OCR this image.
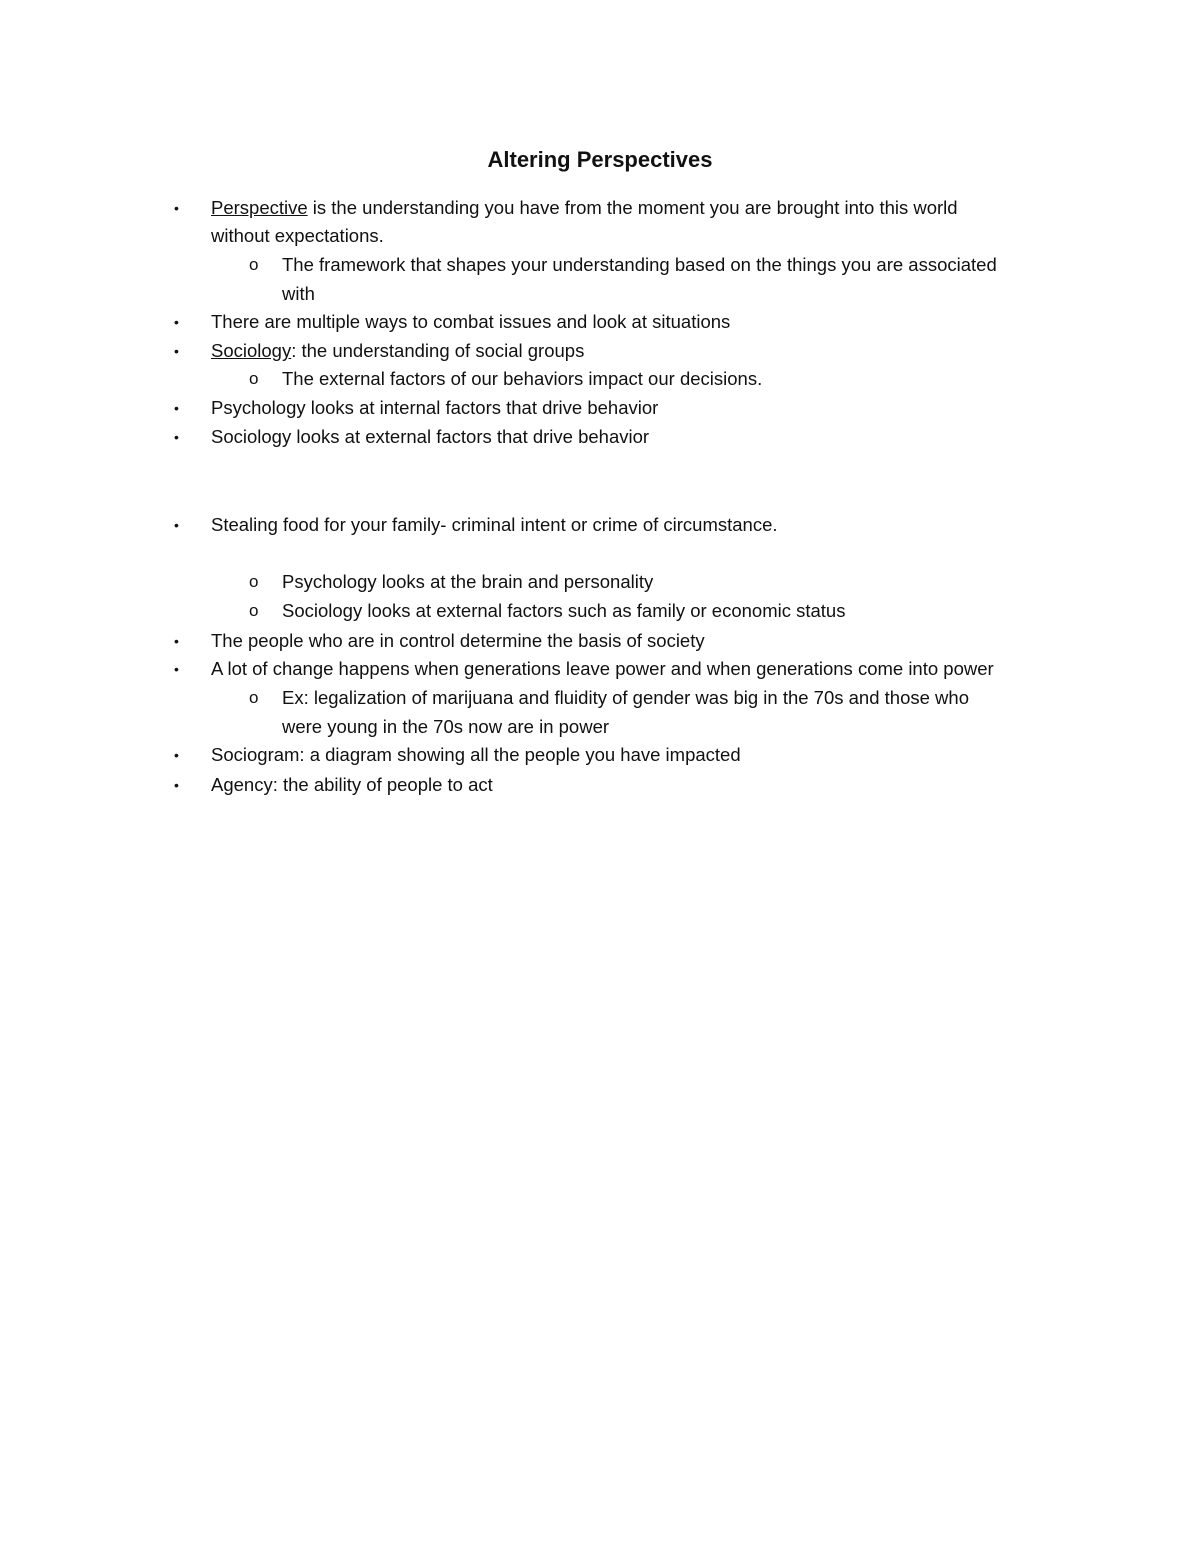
Altering Perspectives
• Perspective is the understanding you have from the moment you are brought into this world
without expectations.
o The framework that shapes your understanding based on the things you are associated
with
• There are multiple ways to combat issues and look at situations
• Sociology: the understanding of social groups
o The external factors of our behaviors impact our decisions.
• Psychology looks at internal factors that drive behavior
• Sociology looks at external factors that drive behavior
• Stealing food for your family- criminal intent or crime of circumstance.
o Psychology looks at the brain and personality
o Sociology looks at external factors such as family or economic status
• The people who are in control determine the basis of society
• A lot of change happens when generations leave power and when generations come into power
o Ex: legalization of marijuana and fluidity of gender was big in the 70s and those who
were young in the 70s now are in power
• Sociogram: a diagram showing all the people you have impacted
• Agency: the ability of people to act
